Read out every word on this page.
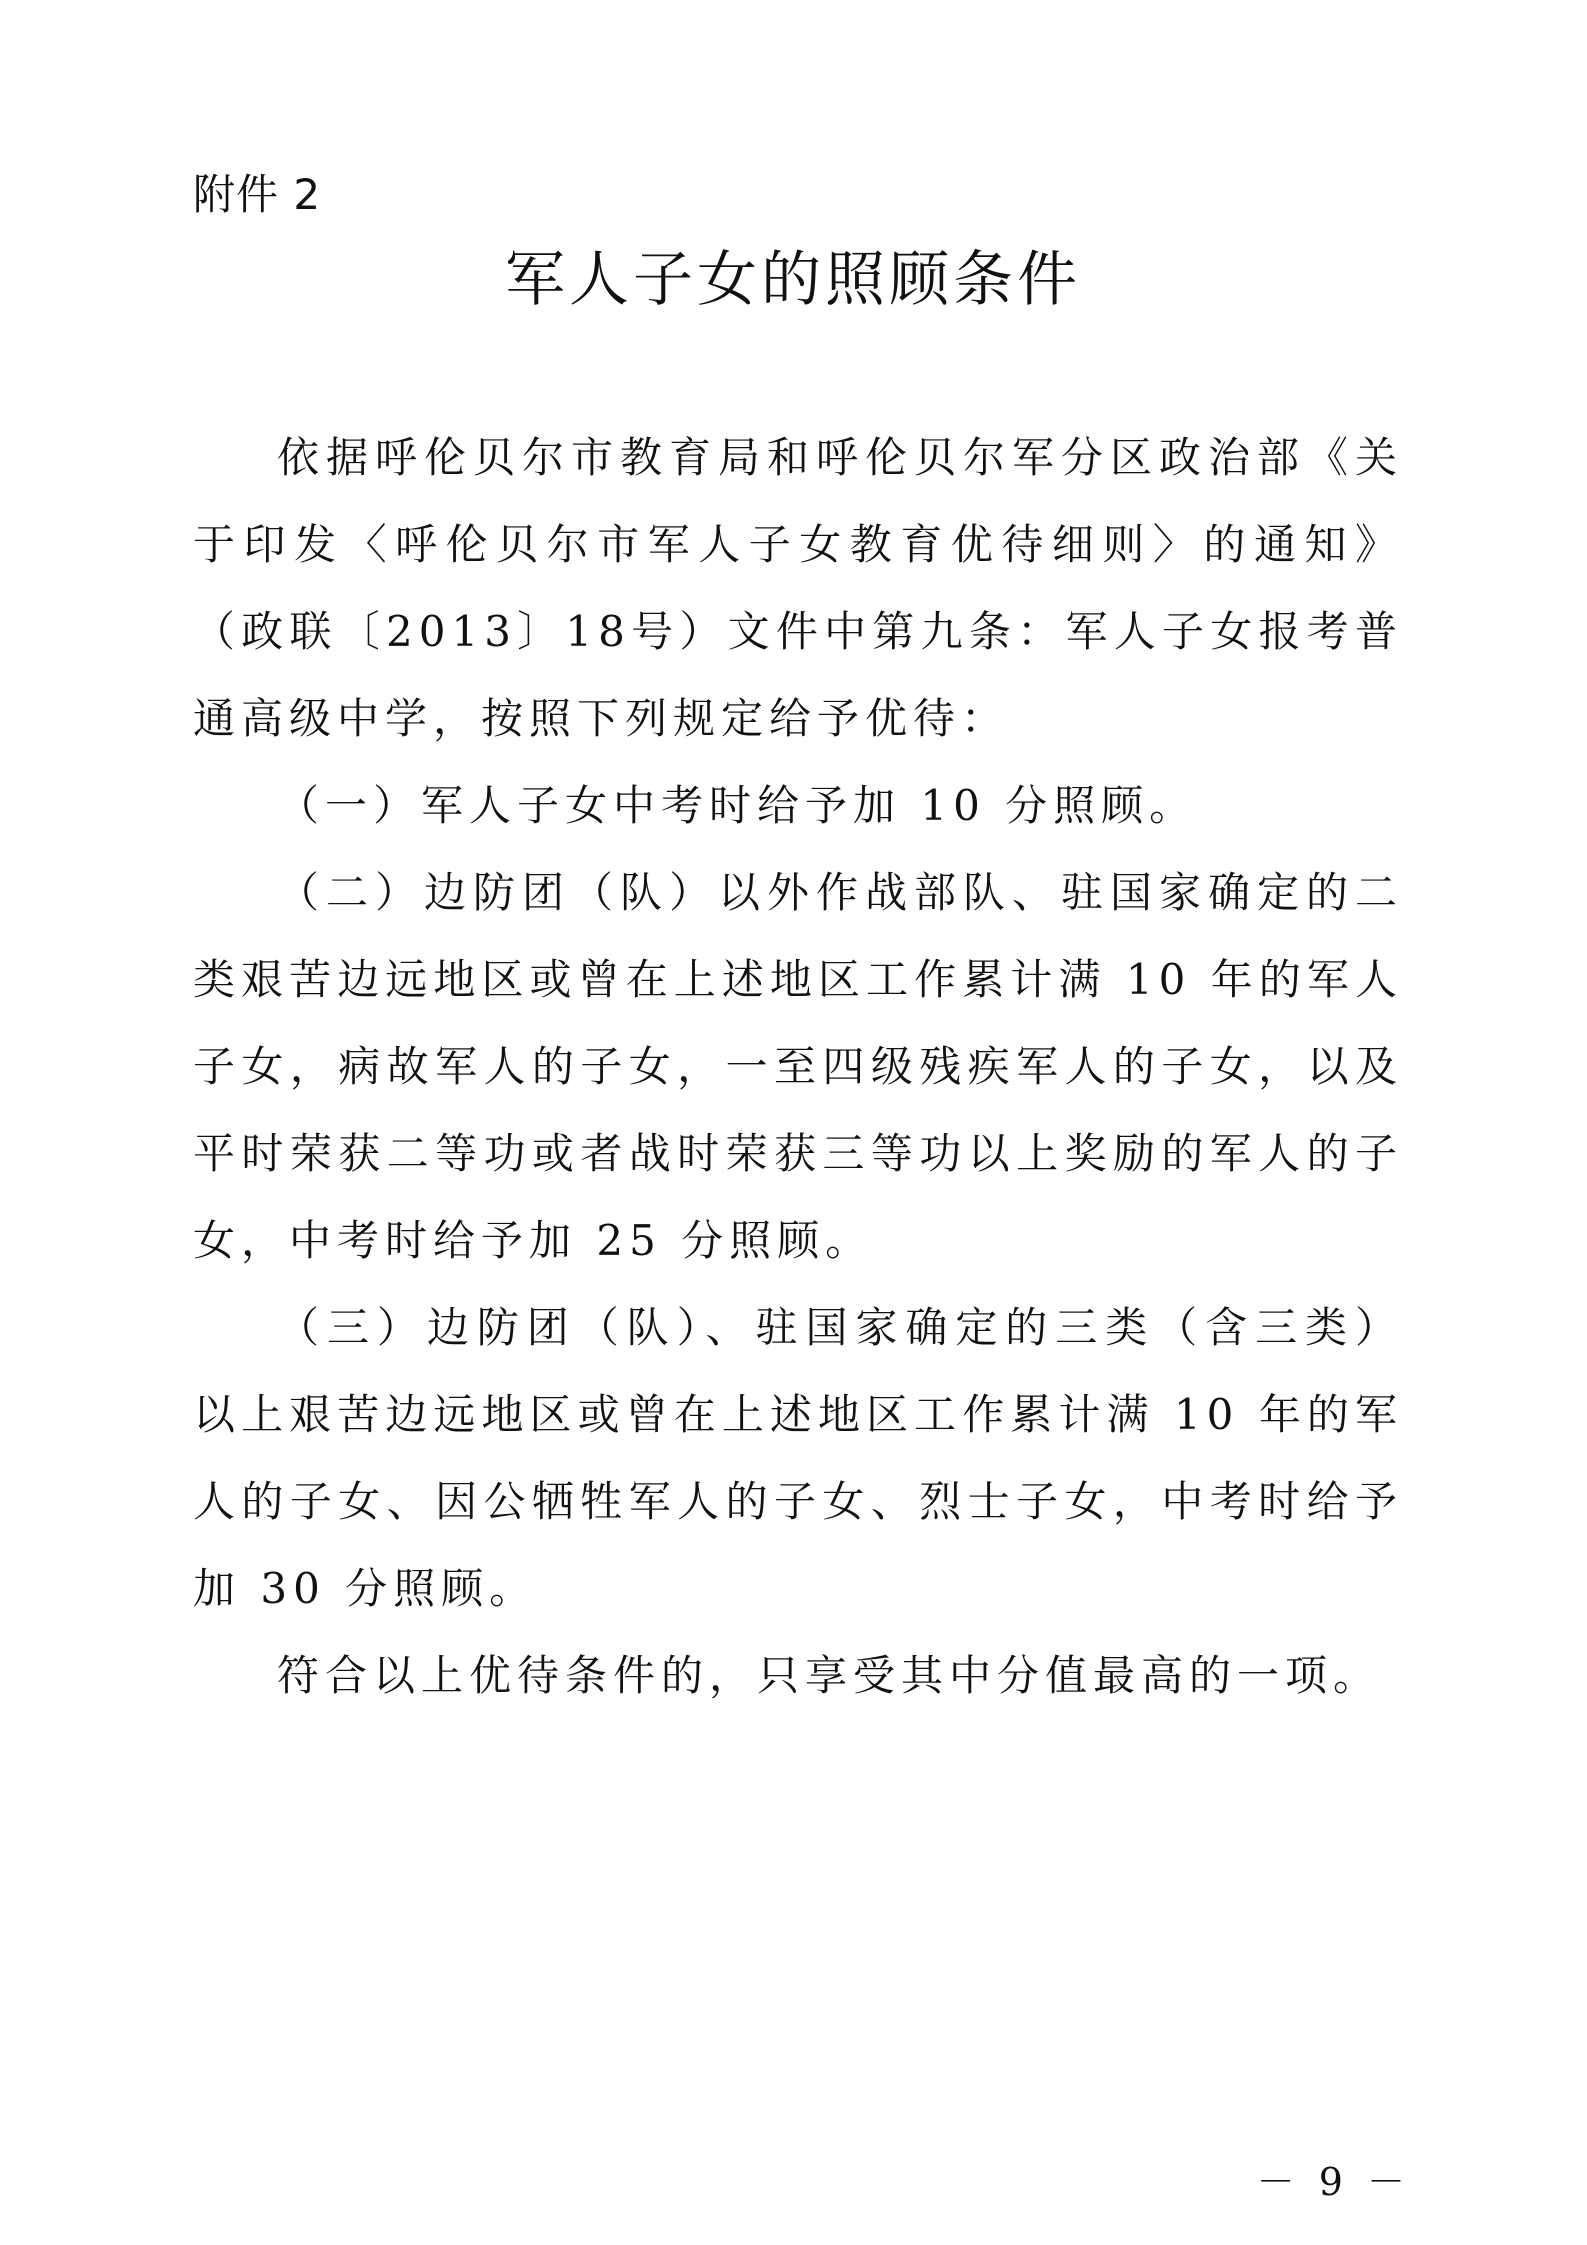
附件 2
军人子女的照顾条件

依据呼伦贝尔市教育局和呼伦贝尔军分区政治部《关于印发〈呼伦贝尔市军人子女教育优待细则〉的通知》（政联〔2013〕18号）文件中第九条：军人子女报考普通高级中学，按照下列规定给予优待：

（一）军人子女中考时给予加 10 分照顾。

（二）边防团（队）以外作战部队、驻国家确定的二类艰苦边远地区或曾在上述地区工作累计满 10 年的军人子女，病故军人的子女，一至四级残疾军人的子女，以及平时荣获二等功或者战时荣获三等功以上奖励的军人的子女，中考时给予加 25 分照顾。

（三）边防团（队）、驻国家确定的三类（含三类）以上艰苦边远地区或曾在上述地区工作累计满 10 年的军人的子女、因公牺牲军人的子女、烈士子女，中考时给予加 30 分照顾。

符合以上优待条件的，只享受其中分值最高的一项。

－ 9 －
